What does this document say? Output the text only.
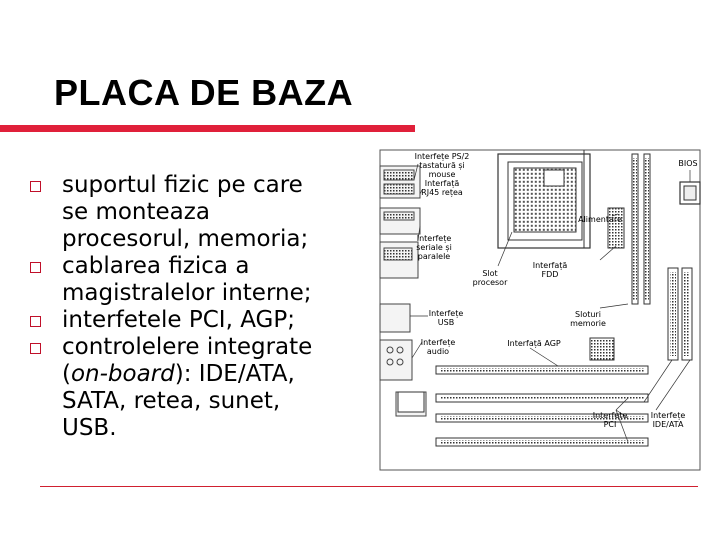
PLACA DE BAZA
suportul fizic pe care
se monteaza
procesorul, memoria;
cablarea fizica a
magistralelor interne;
interfetele PCI, AGP;
controlelere integrate
(on-board): IDE/ATA,
SATA, retea, sunet,
USB.
Interfețe PS/2 tastatură și mouse
Interfață RJ45 rețea
BIOS
Alimentare
Interfețe seriale și paralele
Slot procesor
Interfață FDD
Interfețe USB
Sloturi memorie
Interfețe audio
Interfață AGP
Interfețe PCI
Interfețe IDE/ATA
